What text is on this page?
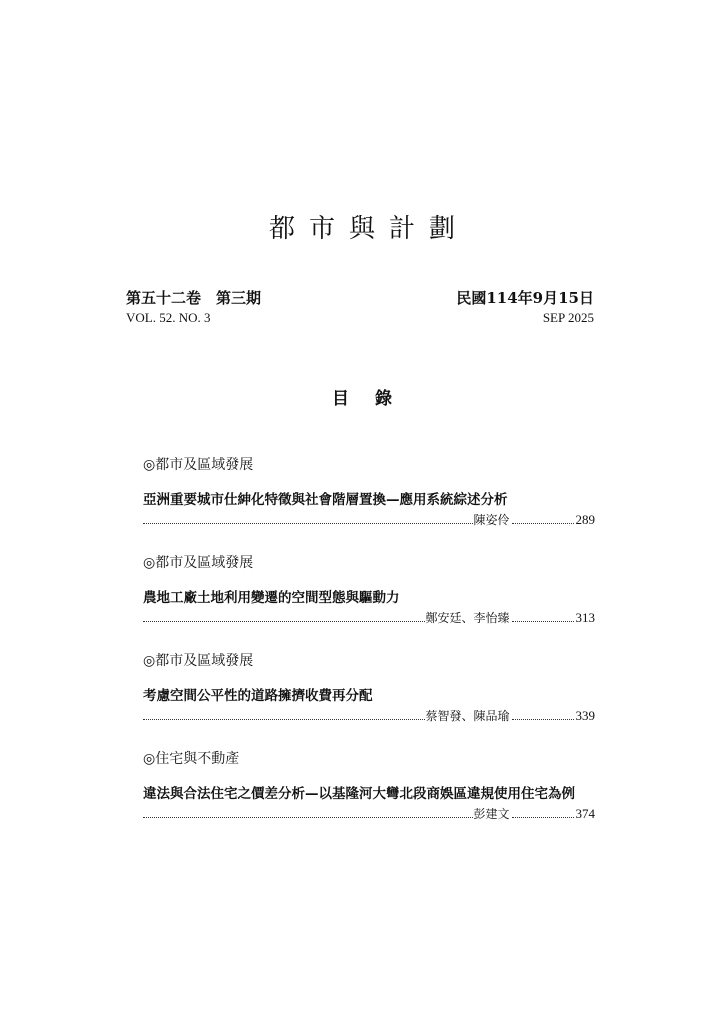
都市與計劃
第五十二卷　第三期	民國114年9月15日
VOL. 52. NO. 3	SEP 2025
目錄
◎都市及區域發展
亞洲重要城市仕紳化特徵與社會階層置換—應用系統綜述分析
陳姿伶	289
◎都市及區域發展
農地工廠土地利用變遷的空間型態與驅動力
鄭安廷、李怡臻	313
◎都市及區域發展
考慮空間公平性的道路擁擠收費再分配
蔡智發、陳品瑜	339
◎住宅與不動產
違法與合法住宅之價差分析—以基隆河大彎北段商娛區違規使用住宅為例
彭建文	374
